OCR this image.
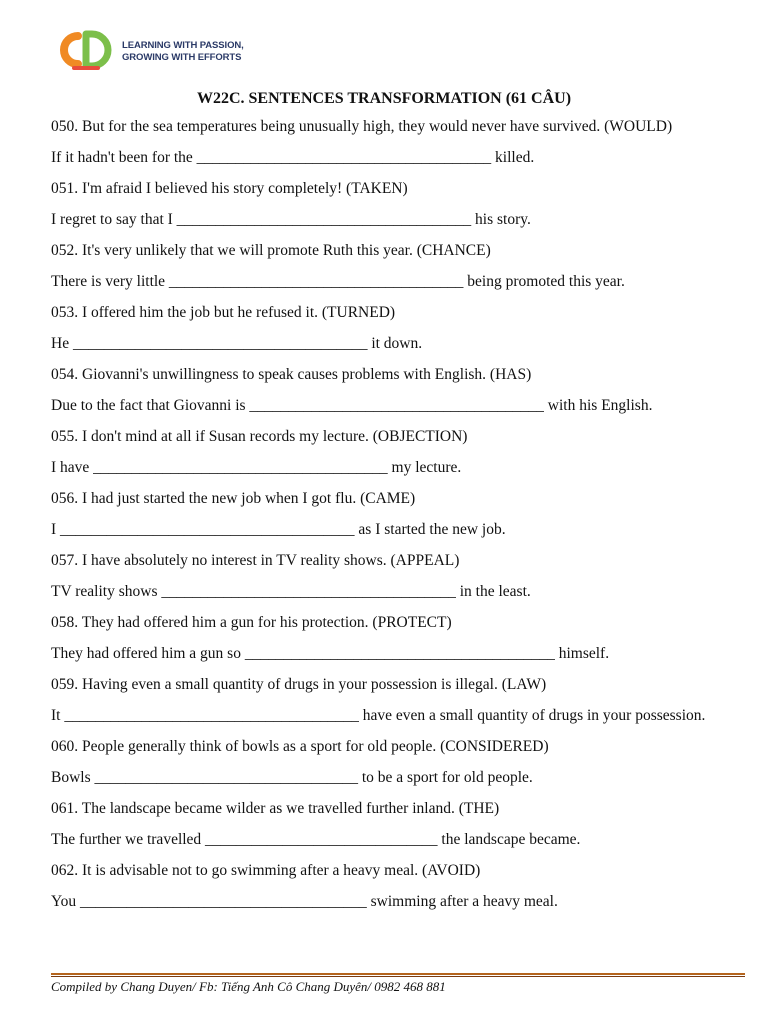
LEARNING WITH PASSION,
GROWING WITH EFFORTS
W22C. SENTENCES TRANSFORMATION (61 CÂU)
050. But for the sea temperatures being unusually high, they would never have survived. (WOULD)
If it hadn't been for the ______________________________________ killed.
051. I'm afraid I believed his story completely! (TAKEN)
I regret to say that I ______________________________________ his story.
052. It's very unlikely that we will promote Ruth this year. (CHANCE)
There is very little ______________________________________ being promoted this year.
053. I offered him the job but he refused it. (TURNED)
He ______________________________________ it down.
054. Giovanni's unwillingness to speak causes problems with English. (HAS)
Due to the fact that Giovanni is ______________________________________ with his English.
055. I don't mind at all if Susan records my lecture. (OBJECTION)
I have ______________________________________ my lecture.
056. I had just started the new job when I got flu. (CAME)
I ______________________________________ as I started the new job.
057. I have absolutely no interest in TV reality shows. (APPEAL)
TV reality shows ______________________________________ in the least.
058. They had offered him a gun for his protection. (PROTECT)
They had offered him a gun so ________________________________________ himself.
059. Having even a small quantity of drugs in your possession is illegal. (LAW)
It ______________________________________ have even a small quantity of drugs in your possession.
060. People generally think of bowls as a sport for old people. (CONSIDERED)
Bowls __________________________________ to be a sport for old people.
061. The landscape became wilder as we travelled further inland. (THE)
The further we travelled ______________________________ the landscape became.
062. It is advisable not to go swimming after a heavy meal. (AVOID)
You _____________________________________ swimming after a heavy meal.
Compiled by Chang Duyen/ Fb: Tiếng Anh Cô Chang Duyên/ 0982 468 881
